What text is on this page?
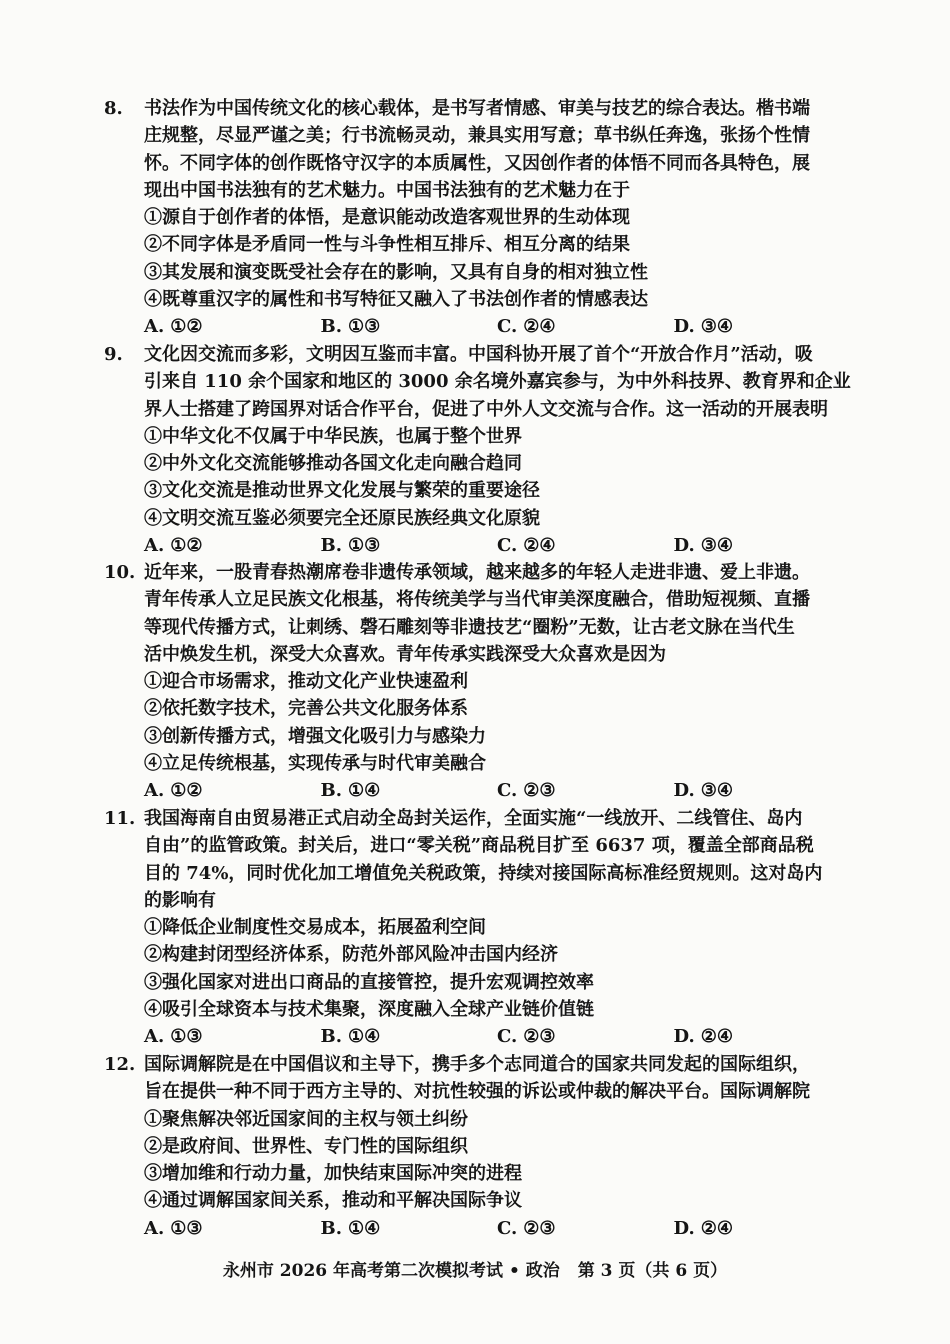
8. 书法作为中国传统文化的核心载体，是书写者情感、审美与技艺的综合表达。楷书端
庄规整，尽显严谨之美；行书流畅灵动，兼具实用写意；草书纵任奔逸，张扬个性情
怀。不同字体的创作既恪守汉字的本质属性，又因创作者的体悟不同而各具特色，展
现出中国书法独有的艺术魅力。中国书法独有的艺术魅力在于
①源自于创作者的体悟，是意识能动改造客观世界的生动体现
②不同字体是矛盾同一性与斗争性相互排斥、相互分离的结果
③其发展和演变既受社会存在的影响，又具有自身的相对独立性
④既尊重汉字的属性和书写特征又融入了书法创作者的情感表达
A. ①②	B. ①③	C. ②④	D. ③④
9. 文化因交流而多彩，文明因互鉴而丰富。中国科协开展了首个“开放合作月”活动，吸
引来自 110 余个国家和地区的 3000 余名境外嘉宾参与，为中外科技界、教育界和企业
界人士搭建了跨国界对话合作平台，促进了中外人文交流与合作。这一活动的开展表明
①中华文化不仅属于中华民族，也属于整个世界
②中外文化交流能够推动各国文化走向融合趋同
③文化交流是推动世界文化发展与繁荣的重要途径
④文明交流互鉴必须要完全还原民族经典文化原貌
A. ①②	B. ①③	C. ②④	D. ③④
10. 近年来，一股青春热潮席卷非遗传承领域，越来越多的年轻人走进非遗、爱上非遗。
青年传承人立足民族文化根基，将传统美学与当代审美深度融合，借助短视频、直播
等现代传播方式，让刺绣、磬石雕刻等非遗技艺“圈粉”无数，让古老文脉在当代生
活中焕发生机，深受大众喜欢。青年传承实践深受大众喜欢是因为
①迎合市场需求，推动文化产业快速盈利
②依托数字技术，完善公共文化服务体系
③创新传播方式，增强文化吸引力与感染力
④立足传统根基，实现传承与时代审美融合
A. ①②	B. ①④	C. ②③	D. ③④
11. 我国海南自由贸易港正式启动全岛封关运作，全面实施“一线放开、二线管住、岛内
自由”的监管政策。封关后，进口“零关税”商品税目扩至 6637 项，覆盖全部商品税
目的 74%，同时优化加工增值免关税政策，持续对接国际高标准经贸规则。这对岛内
的影响有
①降低企业制度性交易成本，拓展盈利空间
②构建封闭型经济体系，防范外部风险冲击国内经济
③强化国家对进出口商品的直接管控，提升宏观调控效率
④吸引全球资本与技术集聚，深度融入全球产业链价值链
A. ①③	B. ①④	C. ②③	D. ②④
12. 国际调解院是在中国倡议和主导下，携手多个志同道合的国家共同发起的国际组织，
旨在提供一种不同于西方主导的、对抗性较强的诉讼或仲裁的解决平台。国际调解院
①聚焦解决邻近国家间的主权与领土纠纷
②是政府间、世界性、专门性的国际组织
③增加维和行动力量，加快结束国际冲突的进程
④通过调解国家间关系，推动和平解决国际争议
A. ①③	B. ①④	C. ②③	D. ②④
永州市 2026 年高考第二次模拟考试 • 政治 第 3 页（共 6 页）
